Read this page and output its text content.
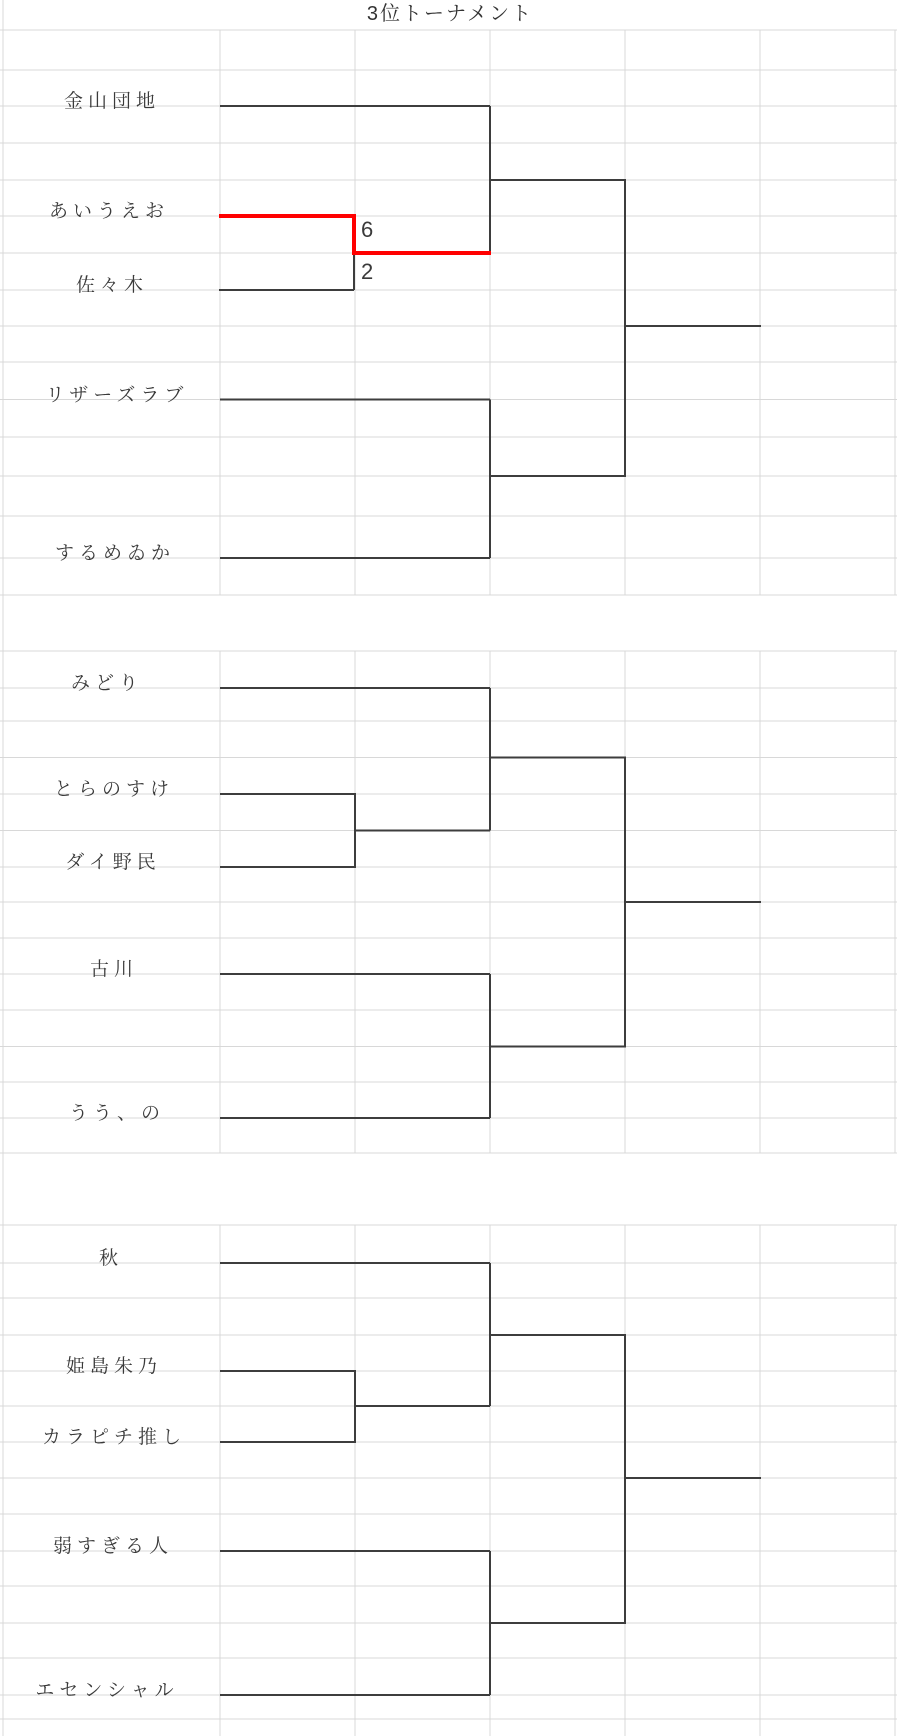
3位トーナメント
6
2
金山団地
あいうえお
佐々木
リザーズラブ
するめゐか
みどり
とらのすけ
ダイ野民
古川
うう、の
秋
姫島朱乃
カラピチ推し
弱すぎる人
エセンシャル
